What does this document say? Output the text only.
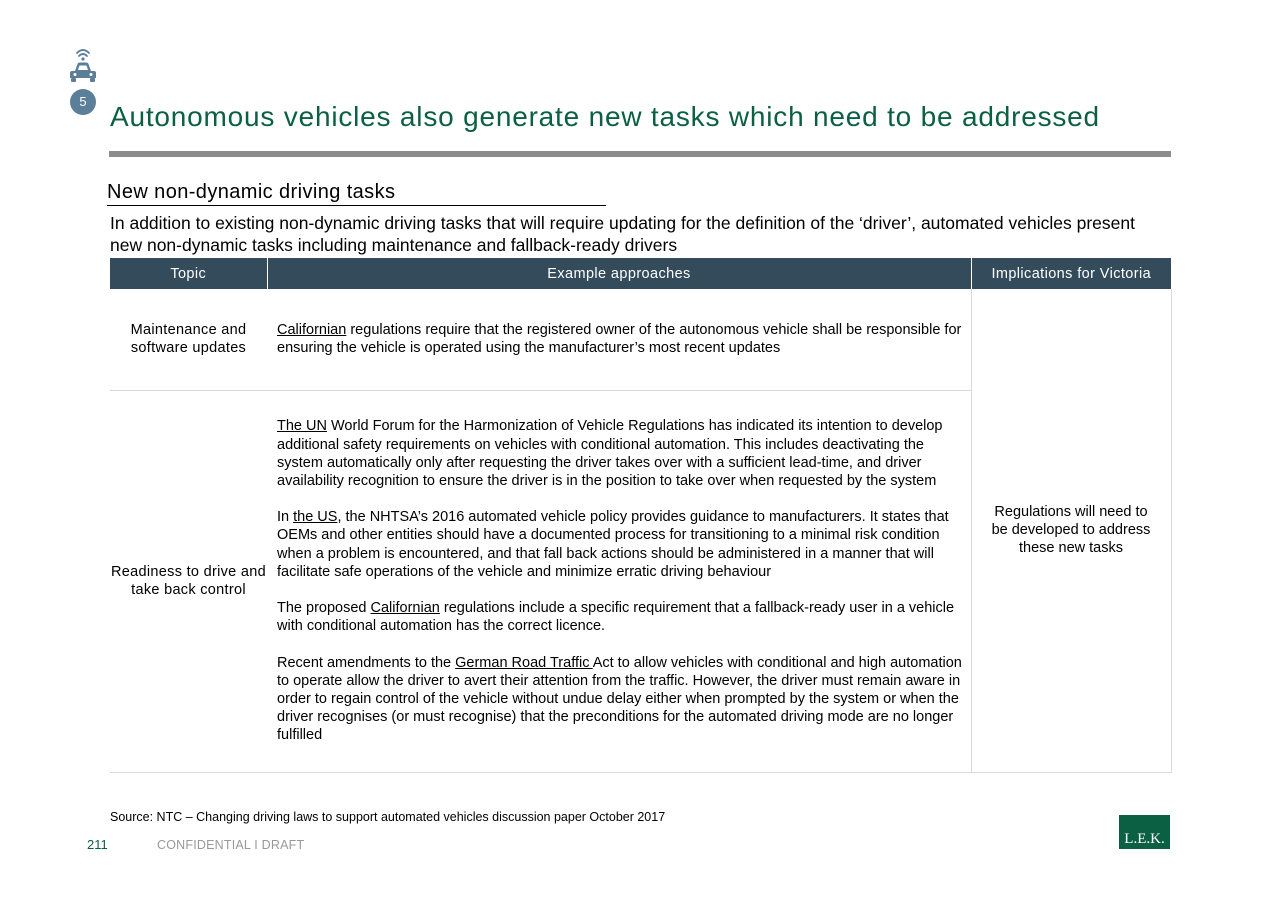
5 Autonomous vehicles also generate new tasks which need to be addressed
New non-dynamic driving tasks
In addition to existing non-dynamic driving tasks that will require updating for the definition of the ‘driver’, automated vehicles present new non-dynamic tasks including maintenance and fallback-ready drivers
Topic	Example approaches	Implications for Victoria
Maintenance and software updates	Californian regulations require that the registered owner of the autonomous vehicle shall be responsible for ensuring the vehicle is operated using the manufacturer’s most recent updates	Regulations will need to be developed to address these new tasks
Readiness to drive and take back control	The UN World Forum for the Harmonization of Vehicle Regulations has indicated its intention to develop additional safety requirements on vehicles with conditional automation. This includes deactivating the system automatically only after requesting the driver takes over with a sufficient lead-time, and driver availability recognition to ensure the driver is in the position to take over when requested by the system

In the US, the NHTSA’s 2016 automated vehicle policy provides guidance to manufacturers. It states that OEMs and other entities should have a documented process for transitioning to a minimal risk condition when a problem is encountered, and that fall back actions should be administered in a manner that will facilitate safe operations of the vehicle and minimize erratic driving behaviour

The proposed Californian regulations include a specific requirement that a fallback-ready user in a vehicle with conditional automation has the correct licence.

Recent amendments to the German Road Traffic Act to allow vehicles with conditional and high automation to operate allow the driver to avert their attention from the traffic. However, the driver must remain aware in order to regain control of the vehicle without undue delay either when prompted by the system or when the driver recognises (or must recognise) that the preconditions for the automated driving mode are no longer fulfilled	

Source: NTC – Changing driving laws to support automated vehicles discussion paper October 2017
211	CONFIDENTIAL I DRAFT	L.E.K.
